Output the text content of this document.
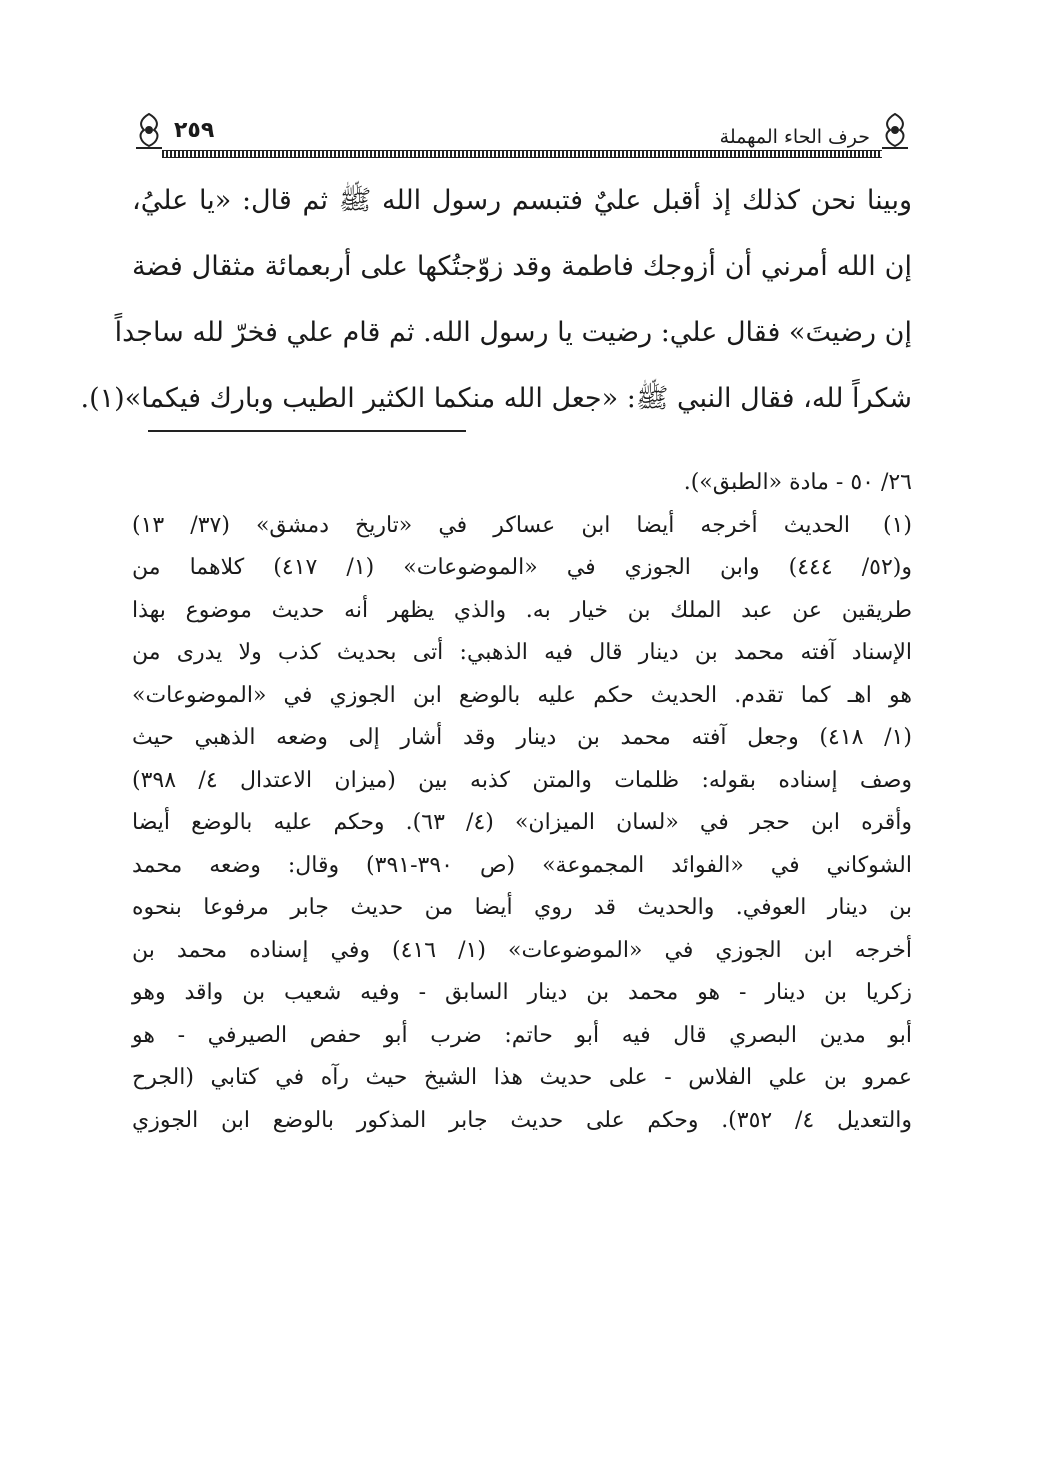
حرف الحاء المهملة
٢٥٩
وبينا نحن كذلك إذ أقبل عليٌ فتبسم رسول الله ﷺ ثم قال: «يا عليُ،
إن الله أمرني أن أزوجك فاطمة وقد زوّجتُكها على أربعمائة مثقال فضة
إن رضيتَ» فقال علي: رضيت يا رسول الله. ثم قام علي فخرّ لله ساجداً
شكراً لله، فقال النبي ﷺ: «جعل الله منكما الكثير الطيب وبارك فيكما»(١).
٢٦/ ٥٠ - مادة «الطبق»).
(١)
الحديث أخرجه أيضا ابن عساكر في «تاريخ دمشق» (٣٧/ ١٣)
و(٥٢/ ٤٤٤) وابن الجوزي في «الموضوعات» (١/ ٤١٧) كلاهما من
طريقين عن عبد الملك بن خيار به. والذي يظهر أنه حديث موضوع بهذا
الإسناد آفته محمد بن دينار قال فيه الذهبي: أتى بحديث كذب ولا يدرى من
هو اهـ كما تقدم. الحديث حكم عليه بالوضع ابن الجوزي في «الموضوعات»
(١/ ٤١٨) وجعل آفته محمد بن دينار وقد أشار إلى وضعه الذهبي حيث
وصف إسناده بقوله: ظلمات والمتن كذبه بين (ميزان الاعتدال ٤/ ٣٩٨)
وأقره ابن حجر في «لسان الميزان» (٤/ ٦٣). وحكم عليه بالوضع أيضا
الشوكاني في «الفوائد المجموعة» (ص ٣٩٠-٣٩١) وقال: وضعه محمد
بن دينار العوفي. والحديث قد روي أيضا من حديث جابر مرفوعا بنحوه
أخرجه ابن الجوزي في «الموضوعات» (١/ ٤١٦) وفي إسناده محمد بن
زكريا بن دينار - هو محمد بن دينار السابق - وفيه شعيب بن واقد وهو
أبو مدين البصري قال فيه أبو حاتم: ضرب أبو حفص الصيرفي - هو
عمرو بن علي الفلاس - على حديث هذا الشيخ حيث رآه في كتابي (الجرح
والتعديل ٤/ ٣٥٢). وحكم على حديث جابر المذكور بالوضع ابن الجوزي
